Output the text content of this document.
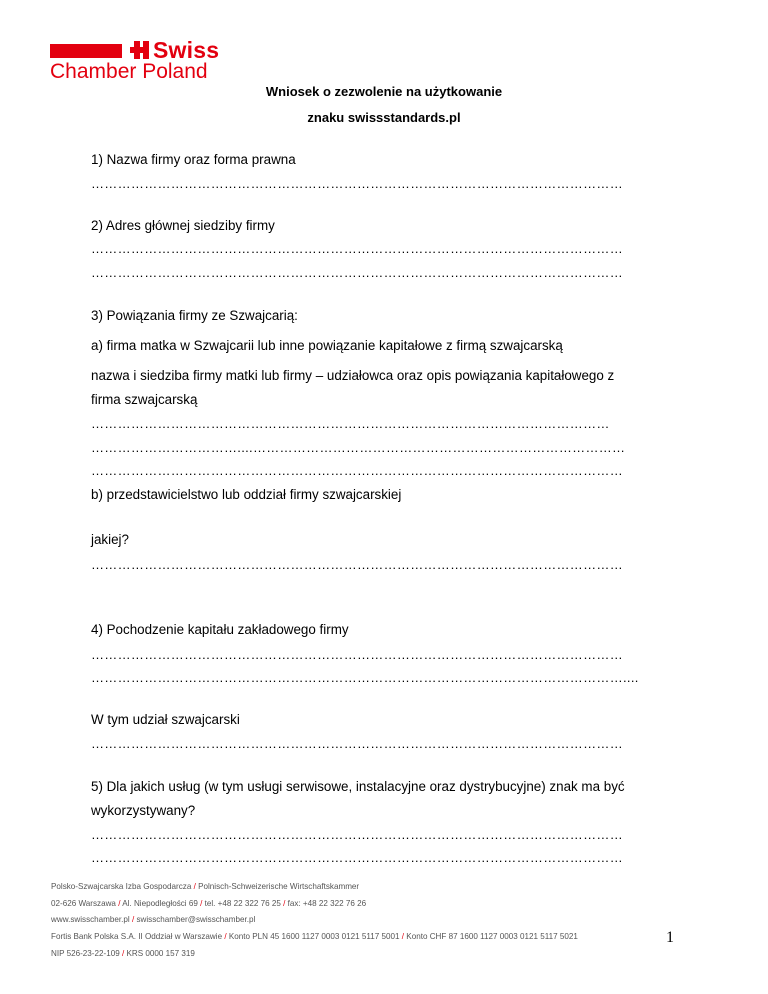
Swiss
Chamber Poland
Wniosek o zezwolenie na użytkowanie
znaku swissstandards.pl
1) Nazwa firmy oraz forma prawna
…………………………………………………………………………………………………………
2) Adres głównej siedziby firmy
…………………………………………………………………………………………………………
…………………………………………………………………………………………………………
3) Powiązania firmy ze Szwajcarią:
a) firma matka w Szwajcarii lub inne powiązanie kapitałowe z firmą szwajcarską
nazwa i siedziba firmy matki lub firmy – udziałowca oraz opis powiązania kapitałowego z
firma szwajcarską
………………………………………………………………………………………………………
……………………………....…………………………………………………………………………
…………………………………………………………………………………………………………
b) przedstawicielstwo lub oddział firmy szwajcarskiej
jakiej?
…………………………………………………………………………………………………………
4) Pochodzenie kapitału zakładowego firmy
…………………………………………………………………………………………………………
…………………………………………………………………………………………………………....
W tym udział szwajcarski
…………………………………………………………………………………………………………
5) Dla jakich usług (w tym usługi serwisowe, instalacyjne oraz dystrybucyjne) znak ma być
wykorzystywany?
…………………………………………………………………………………………………………
…………………………………………………………………………………………………………
Polsko-Szwajcarska Izba Gospodarcza / Polnisch-Schweizerische Wirtschaftskammer
02-626 Warszawa / Al. Niepodległości 69 / tel. +48 22 322 76 25 / fax: +48 22 322 76 26
www.swisschamber.pl / swisschamber@swisschamber.pl
Fortis Bank Polska S.A. II Oddział w Warszawie / Konto PLN 45 1600 1127 0003 0121 5117 5001 / Konto CHF 87 1600 1127 0003 0121 5117 5021
NIP 526-23-22-109 / KRS 0000 157 319
1
